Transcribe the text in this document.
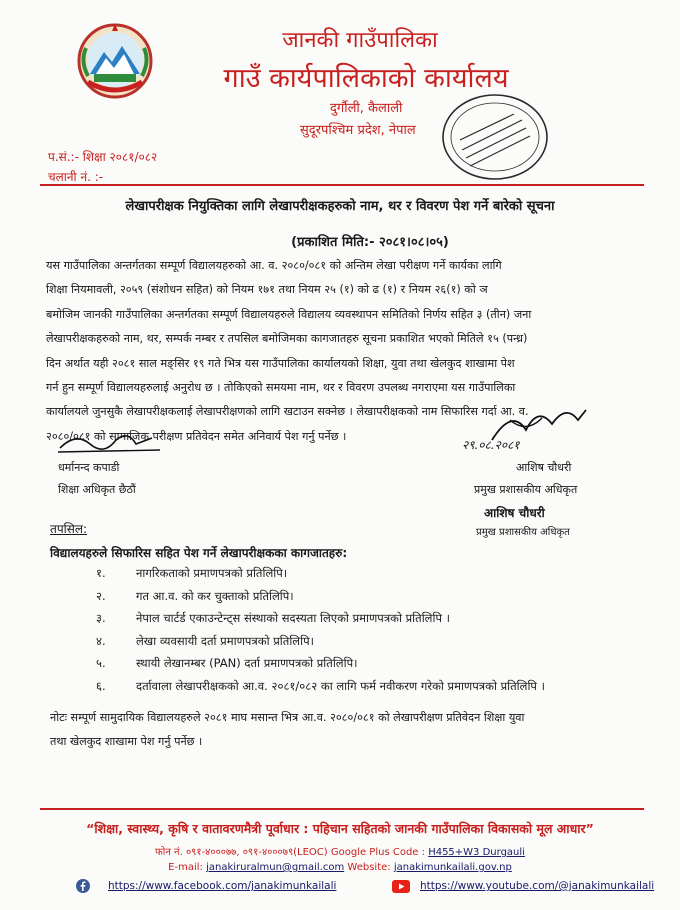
जानकी गाउँपालिका
गाउँ कार्यपालिकाको कार्यालय
दुर्गौली, कैलाली
सुदूरपश्चिम प्रदेश, नेपाल
प.सं.:- शिक्षा २०८१/०८२
चलानी नं. :-
लेखापरीक्षक नियुक्तिका लागि लेखापरीक्षकहरुको नाम, थर र विवरण पेश गर्ने बारेको सूचना
(प्रकाशित मिति:- २०८१।०८।०५)
यस गाउँपालिका अन्तर्गतका सम्पूर्ण विद्यालयहरुको आ. व. २०८०/०८१ को अन्तिम लेखा परीक्षण गर्ने कार्यका लागि
शिक्षा नियमावली, २०५९ (संशोधन सहित) को नियम १७१ तथा नियम २५ (१) को ढ (१) र नियम २६(१) को ञ
बमोजिम जानकी गाउँपालिका अन्तर्गतका सम्पूर्ण विद्यालयहरुले विद्यालय व्यवस्थापन समितिको निर्णय सहित ३ (तीन) जना
लेखापरीक्षकहरुको नाम, थर, सम्पर्क नम्बर र तपसिल बमोजिमका कागजातहरु सूचना प्रकाशित भएको मितिले १५ (पन्ध्र)
दिन अर्थात यही २०८१ साल मङ्सिर १९ गते भित्र यस गाउँपालिका कार्यालयको शिक्षा, युवा तथा खेलकुद शाखामा पेश
गर्न हुन सम्पूर्ण विद्यालयहरुलाई अनुरोध छ । तोकिएको समयमा नाम, थर र विवरण उपलब्ध नगराएमा यस गाउँपालिका
कार्यालयले जुनसुकै लेखापरीक्षकलाई लेखापरीक्षणको लागि खटाउन सक्नेछ । लेखापरीक्षकको नाम सिफारिस गर्दा आ. व.
२०८०/०८१ को सामाजिक परीक्षण प्रतिवेदन समेत अनिवार्य पेश गर्नु पर्नेछ ।
धर्मानन्द कपाडी
शिक्षा अधिकृत छैठौं
२९.०८.२०८१
आशिष चौधरी
प्रमुख प्रशासकीय अधिकृत
आशिष चौधरी
प्रमुख प्रशासकीय अधिकृत
तपसिल:
विद्यालयहरुले सिफारिस सहित पेश गर्ने लेखापरीक्षकका कागजातहरु:
१.	नागरिकताको प्रमाणपत्रको प्रतिलिपि।
२.	गत आ.व. को कर चुक्ताको प्रतिलिपि।
३.	नेपाल चार्टर्ड एकाउन्टेन्ट्स संस्थाको सदस्यता लिएको प्रमाणपत्रको प्रतिलिपि ।
४.	लेखा व्यवसायी दर्ता प्रमाणपत्रको प्रतिलिपि।
५.	स्थायी लेखानम्बर (PAN) दर्ता प्रमाणपत्रको प्रतिलिपि।
६.	दर्तावाला लेखापरीक्षकको आ.व. २०८१/०८२ का लागि फर्म नवीकरण गरेको प्रमाणपत्रको प्रतिलिपि ।
नोटः सम्पूर्ण सामुदायिक विद्यालयहरुले २०८१ माघ मसान्त भित्र आ.व. २०८०/०८१ को लेखापरीक्षण प्रतिवेदन शिक्षा युवा
तथा खेलकुद शाखामा पेश गर्नु पर्नेछ ।
“शिक्षा, स्वास्थ्य, कृषि र वातावरणमैत्री पूर्वाधार : पहिचान सहितको जानकी गाउँपालिका विकासको मूल आधार”
फोन नं. ०९१-४०००७७, ०९१-४०००७९(LEOC) Google Plus Code : H455+W3 Durgauli
E-mail: janakiruralmun@gmail.com Website: janakimunkailali.gov.np
https://www.facebook.com/janakimunkailali	https://www.youtube.com/@janakimunkailali
